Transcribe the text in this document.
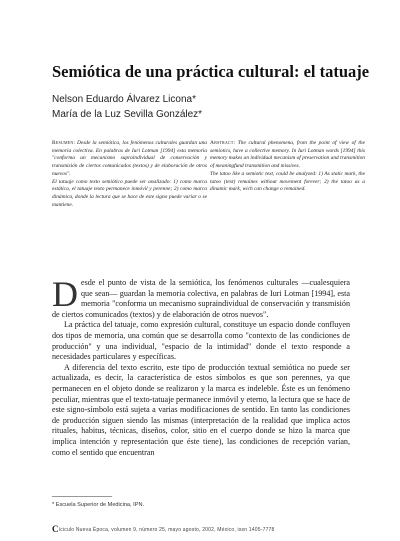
Semiótica de una práctica cultural: el tatuaje
Nelson Eduardo Álvarez Licona*
María de la Luz Sevilla González*

Resumen: Desde la semiótica, los fenómenos culturales guardan una memoria colectiva. En palabras de Iuri Lotman [1994] esta memoria "conforma un mecanismo supraindividual de conservación y transmisión de ciertos comunicados (textos) y de elaboración de otros nuevos".

El tatuaje como texto semiótico puede ser analizado: 1) como marca estática, el tatuaje texto permanece inmóvil y perenne; 2) como marca dinámica, donde la lectura que se hace de este signo puede variar o se mantiene.

Abstract: The cultural phenomena, from the point of view of the semiotics, have a collective memory. In Iuri Lotman words [1994] this memory makes an individual mecanism of preservation and transmition of meaningfund transmition and missives.

The tatoo like a semiotic text, could be analyzed: 1) As static mark, the tatoo (text) remaines without movement forever; 2) the tatoo as a dinamic mark, wich can change o remained.

Desde el punto de vista de la semiótica, los fenómenos culturales —cualesquiera que sean— guardan la memoria colectiva, en palabras de Iuri Lotman [1994], esta memoria "conforma un mecanismo supraindividual de conservación y transmisión de ciertos comunicados (textos) y de elaboración de otros nuevos".

La práctica del tatuaje, como expresión cultural, constituye un espacio donde confluyen dos tipos de memoria, una común que se desarrolla como "contexto de las condiciones de producción" y una individual, "espacio de la intimidad" donde el texto responde a necesidades particulares y específicas.

A diferencia del texto escrito, este tipo de producción textual semiótica no puede ser actualizada, es decir, la característica de estos símbolos es que son perennes, ya que permanecen en el objeto donde se realizaron y la marca es indeleble. Éste es un fenómeno peculiar, mientras que el texto-tatuaje permanece inmóvil y eterno, la lectura que se hace de este signo-símbolo está sujeta a varias modificaciones de sentido. En tanto las condiciones de producción siguen siendo las mismas (interpretación de la realidad que implica actos rituales, habitus, técnicas, diseños, color, sitio en el cuerpo donde se hizo la marca que implica intención y representación que éste tiene), las condiciones de recepción varían, como el sentido que encuentran

* Escuela Superior de Medicina, IPN.
Cíciculo Nueva Época, volumen 9, número 25, mayo agosto, 2002, México, issn 1405-7778
